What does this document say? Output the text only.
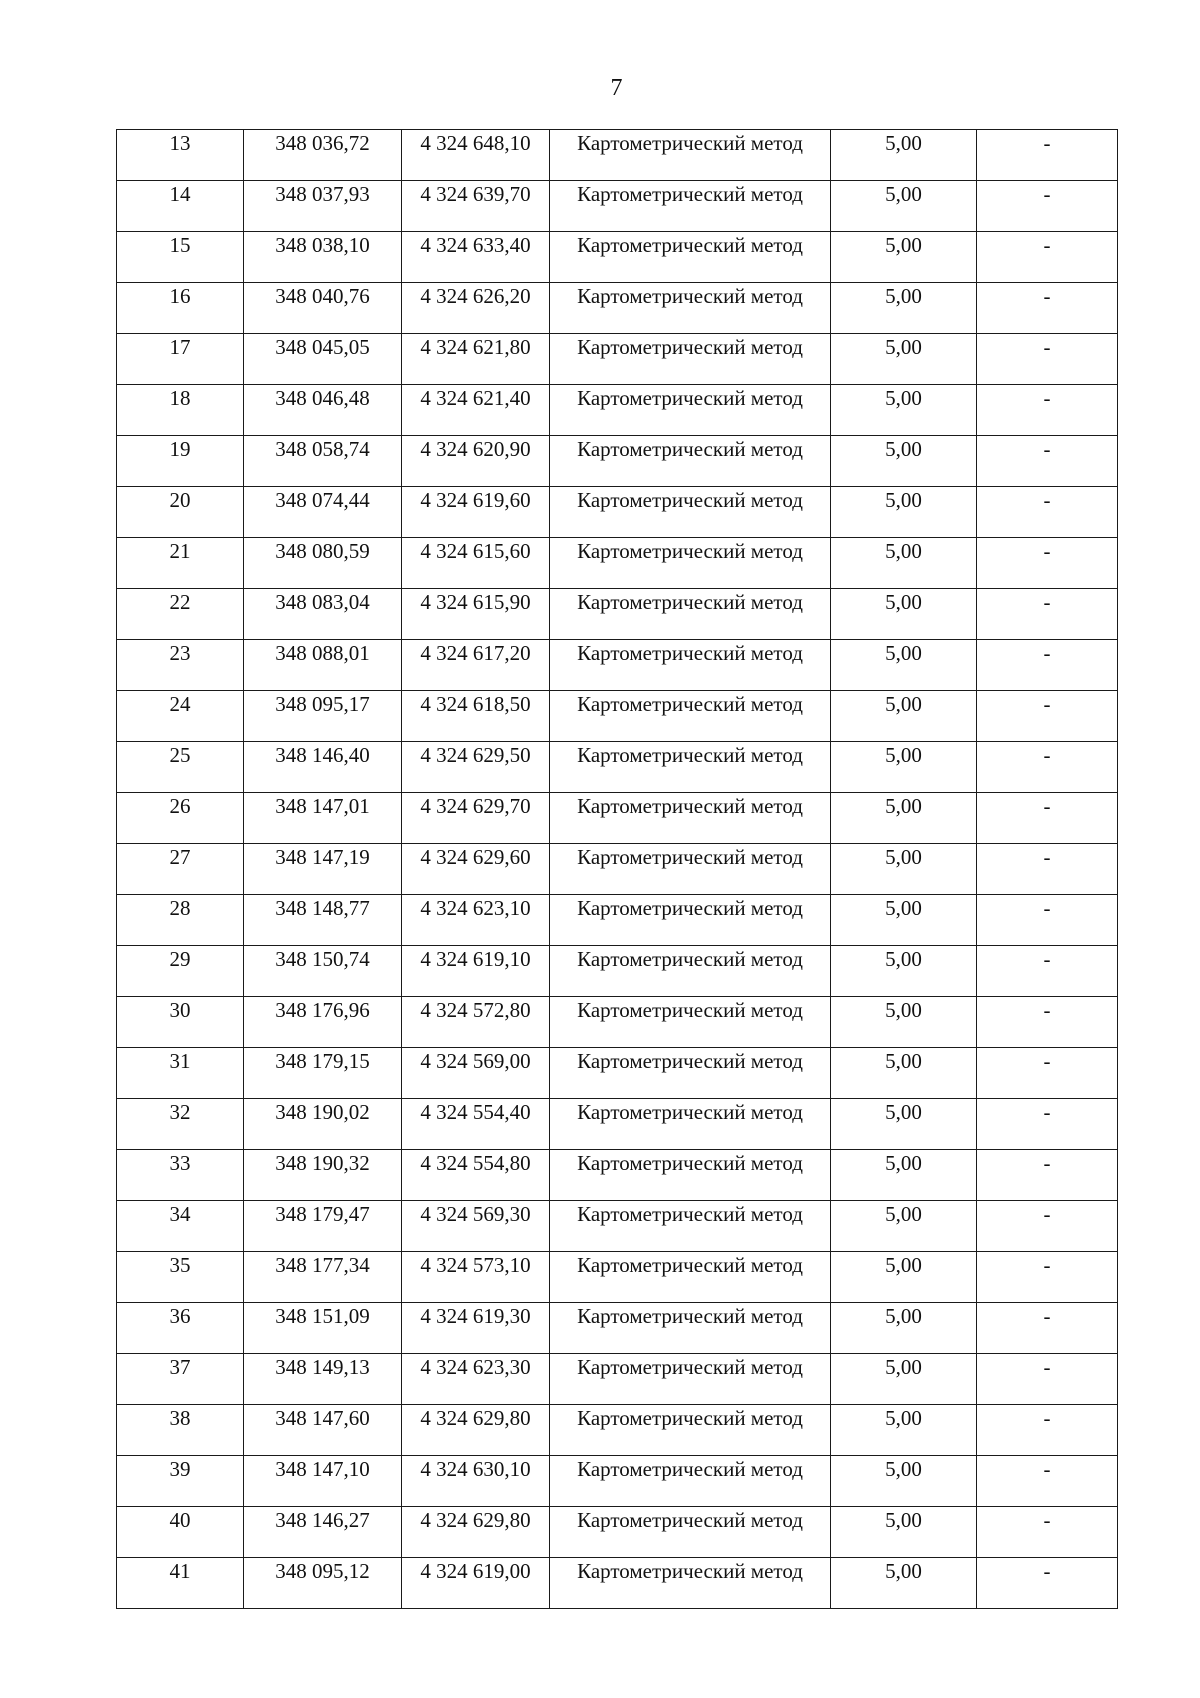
7
13	348 036,72	4 324 648,10	Картометрический метод	5,00	-
14	348 037,93	4 324 639,70	Картометрический метод	5,00	-
15	348 038,10	4 324 633,40	Картометрический метод	5,00	-
16	348 040,76	4 324 626,20	Картометрический метод	5,00	-
17	348 045,05	4 324 621,80	Картометрический метод	5,00	-
18	348 046,48	4 324 621,40	Картометрический метод	5,00	-
19	348 058,74	4 324 620,90	Картометрический метод	5,00	-
20	348 074,44	4 324 619,60	Картометрический метод	5,00	-
21	348 080,59	4 324 615,60	Картометрический метод	5,00	-
22	348 083,04	4 324 615,90	Картометрический метод	5,00	-
23	348 088,01	4 324 617,20	Картометрический метод	5,00	-
24	348 095,17	4 324 618,50	Картометрический метод	5,00	-
25	348 146,40	4 324 629,50	Картометрический метод	5,00	-
26	348 147,01	4 324 629,70	Картометрический метод	5,00	-
27	348 147,19	4 324 629,60	Картометрический метод	5,00	-
28	348 148,77	4 324 623,10	Картометрический метод	5,00	-
29	348 150,74	4 324 619,10	Картометрический метод	5,00	-
30	348 176,96	4 324 572,80	Картометрический метод	5,00	-
31	348 179,15	4 324 569,00	Картометрический метод	5,00	-
32	348 190,02	4 324 554,40	Картометрический метод	5,00	-
33	348 190,32	4 324 554,80	Картометрический метод	5,00	-
34	348 179,47	4 324 569,30	Картометрический метод	5,00	-
35	348 177,34	4 324 573,10	Картометрический метод	5,00	-
36	348 151,09	4 324 619,30	Картометрический метод	5,00	-
37	348 149,13	4 324 623,30	Картометрический метод	5,00	-
38	348 147,60	4 324 629,80	Картометрический метод	5,00	-
39	348 147,10	4 324 630,10	Картометрический метод	5,00	-
40	348 146,27	4 324 629,80	Картометрический метод	5,00	-
41	348 095,12	4 324 619,00	Картометрический метод	5,00	-
